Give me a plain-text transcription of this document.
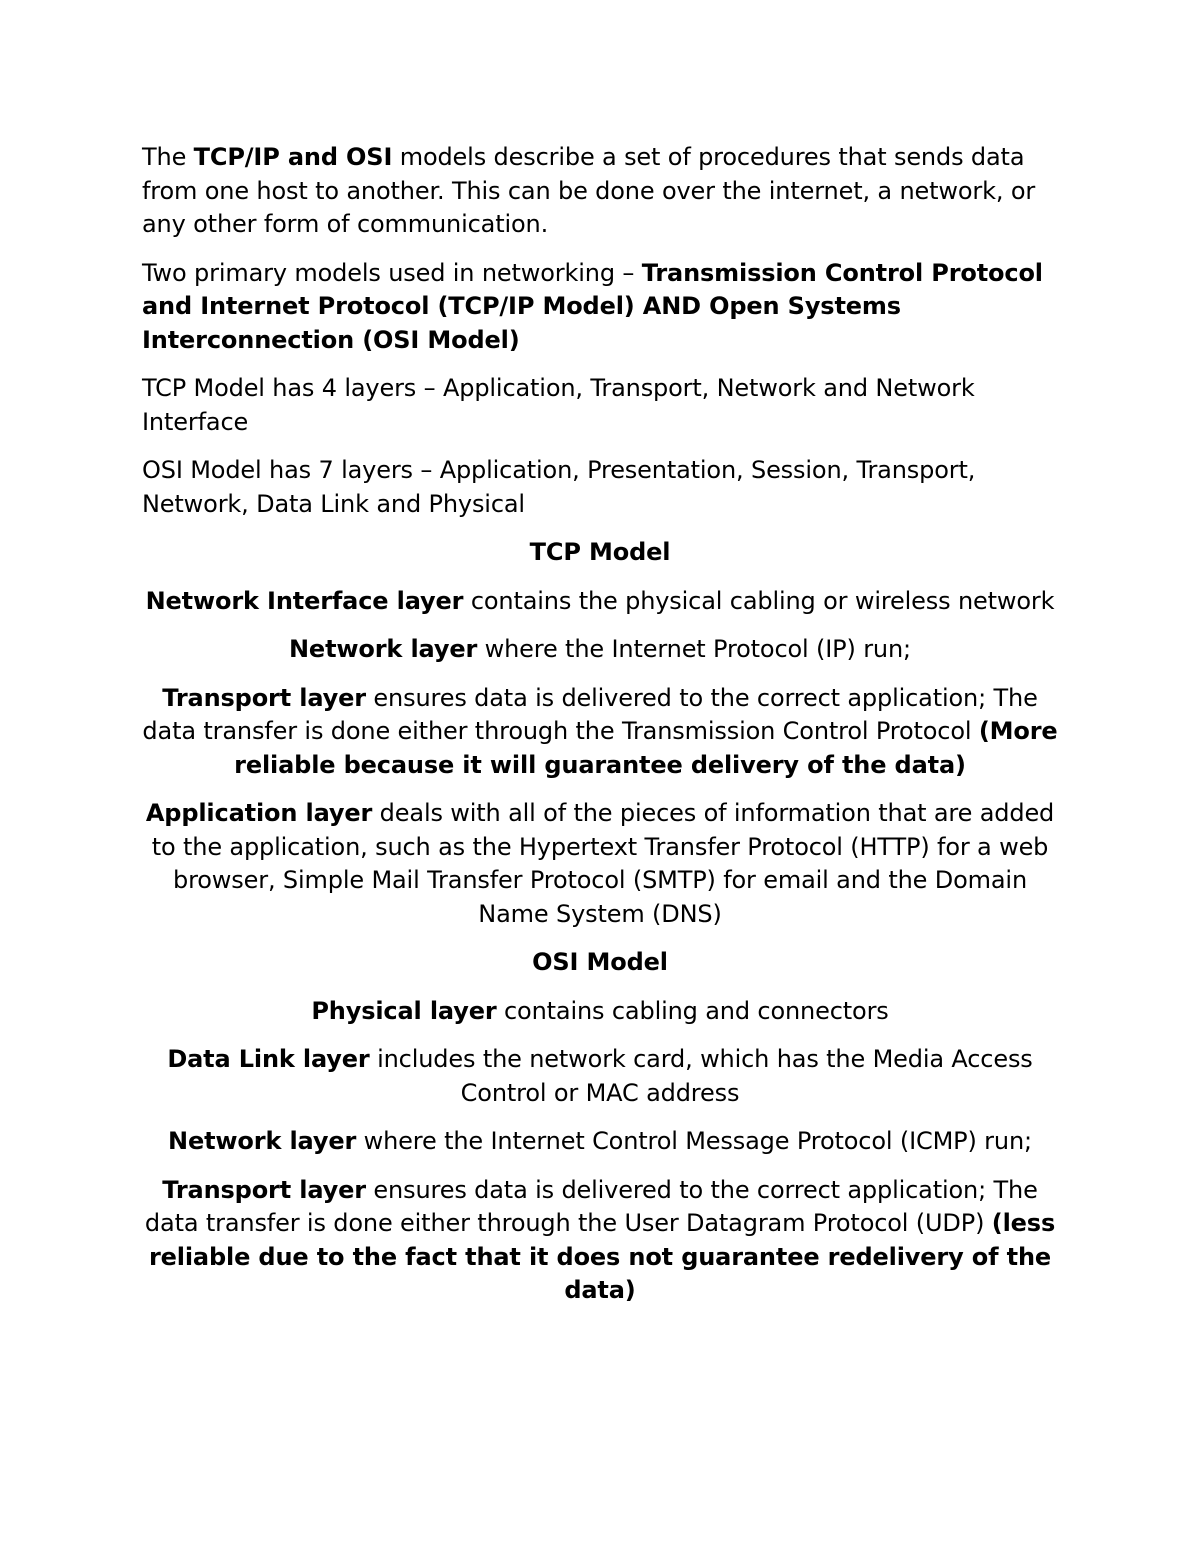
The TCP/IP and OSI models describe a set of procedures that sends data from one host to another. This can be done over the internet, a network, or any other form of communication.

Two primary models used in networking – Transmission Control Protocol and Internet Protocol (TCP/IP Model) AND Open Systems Interconnection (OSI Model)

TCP Model has 4 layers – Application, Transport, Network and Network Interface

OSI Model has 7 layers – Application, Presentation, Session, Transport, Network, Data Link and Physical

TCP Model

Network Interface layer contains the physical cabling or wireless network

Network layer where the Internet Protocol (IP) run;

Transport layer ensures data is delivered to the correct application; The data transfer is done either through the Transmission Control Protocol (More reliable because it will guarantee delivery of the data)

Application layer deals with all of the pieces of information that are added to the application, such as the Hypertext Transfer Protocol (HTTP) for a web browser, Simple Mail Transfer Protocol (SMTP) for email and the Domain Name System (DNS)

OSI Model

Physical layer contains cabling and connectors

Data Link layer includes the network card, which has the Media Access Control or MAC address

Network layer where the Internet Control Message Protocol (ICMP) run;

Transport layer ensures data is delivered to the correct application; The data transfer is done either through the User Datagram Protocol (UDP) (less reliable due to the fact that it does not guarantee redelivery of the data)
